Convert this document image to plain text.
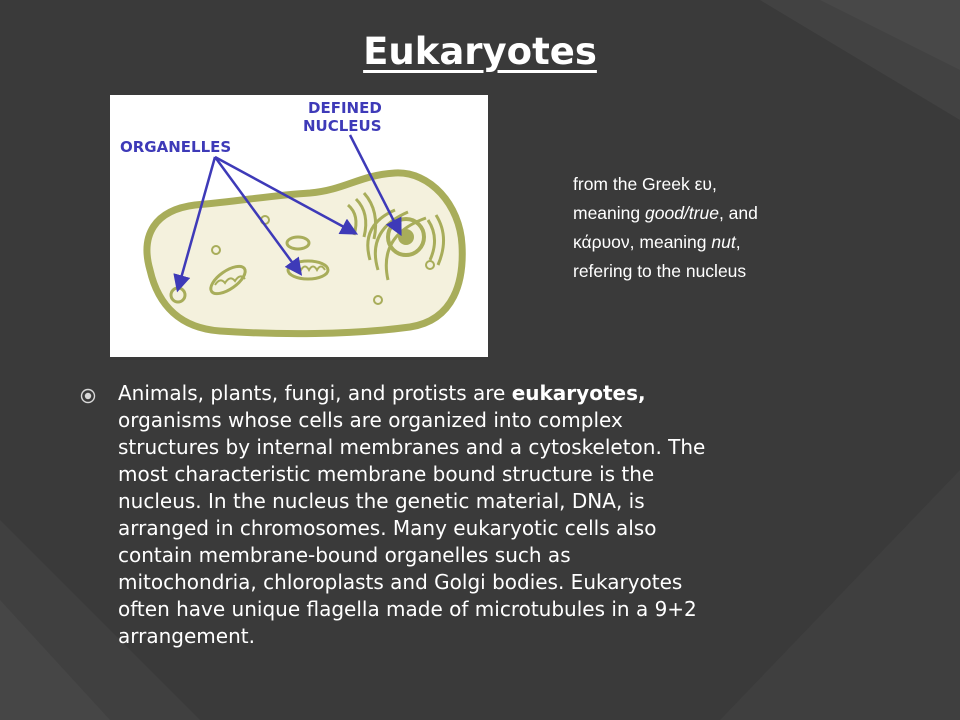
Eukaryotes
ORGANELLES
DEFINED
NUCLEUS
from the Greek ευ,
meaning good/true, and
κάρυον, meaning nut,
refering to the nucleus
Animals, plants, fungi, and protists are eukaryotes,
organisms whose cells are organized into complex
structures by internal membranes and a cytoskeleton. The
most characteristic membrane bound structure is the
nucleus. In the nucleus the genetic material, DNA, is
arranged in chromosomes. Many eukaryotic cells also
contain membrane-bound organelles such as
mitochondria, chloroplasts and Golgi bodies. Eukaryotes
often have unique flagella made of microtubules in a 9+2
arrangement.
